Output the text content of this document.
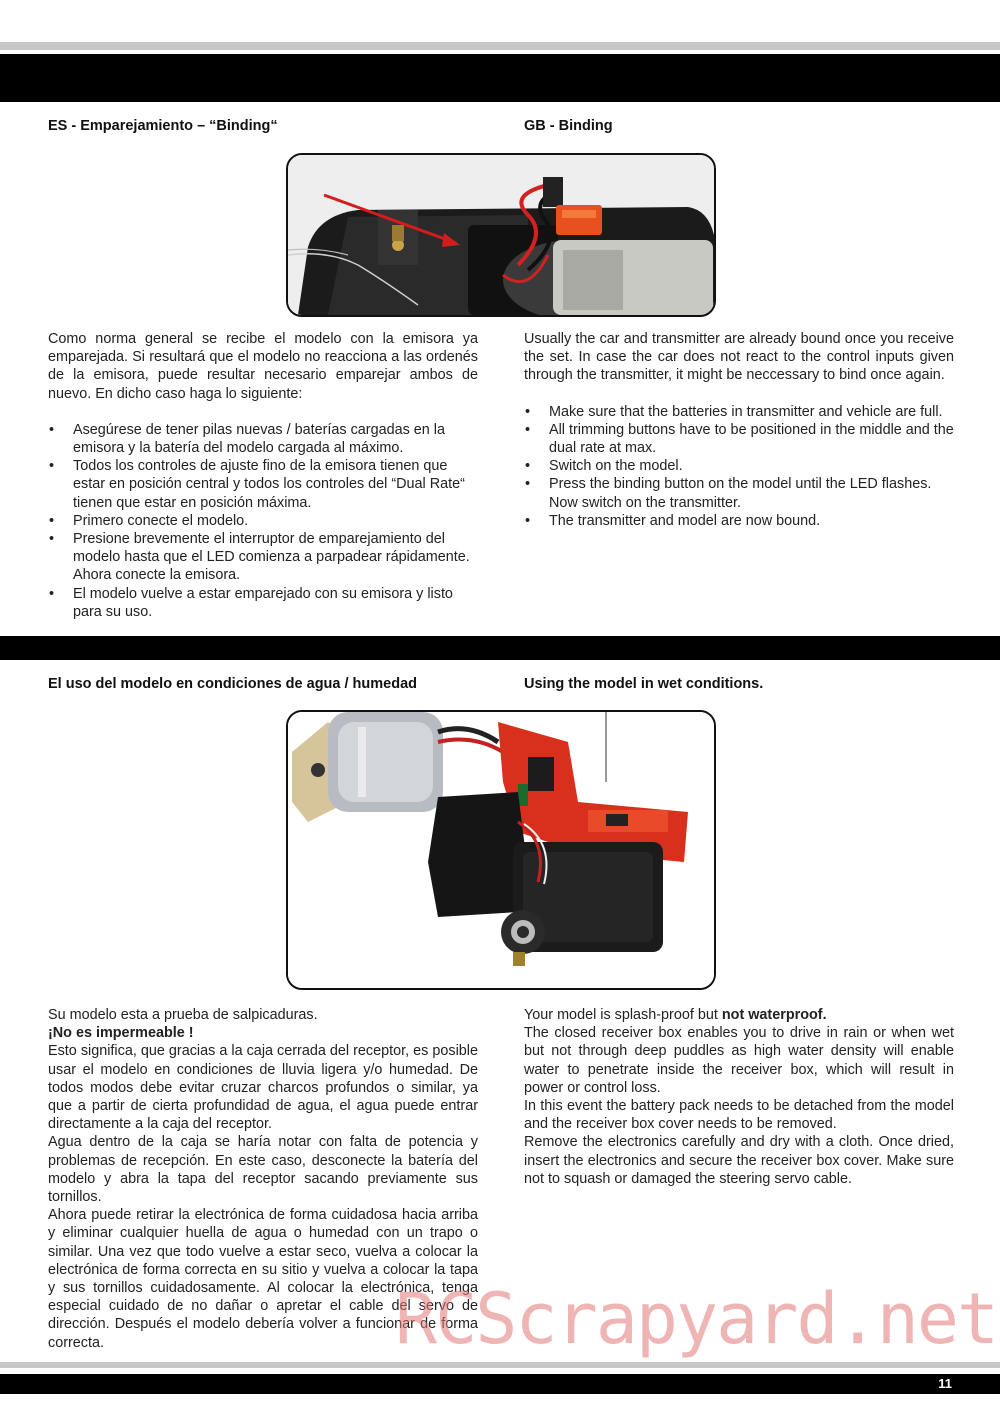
ES - Emparejamiento – “Binding“	GB - Binding

Como norma general se recibe el modelo con la emisora ya emparejada. Si resultará que el modelo no reacciona a las ordenés de la emisora, puede resultar necesario emparejar ambos de nuevo. En dicho caso haga lo siguiente:

• Asegúrese de tener pilas nuevas / baterías cargadas en la emisora y la batería del modelo cargada al máximo.
• Todos los controles de ajuste fino de la emisora tienen que estar en posición central y todos los controles del “Dual Rate“ tienen que estar en posición máxima.
• Primero conecte el modelo.
• Presione brevemente el interruptor de emparejamiento del modelo hasta que el LED comienza a parpadear rápidamente. Ahora conecte la emisora.
• El modelo vuelve a estar emparejado con su emisora y listo para su uso.

Usually the car and transmitter are already bound once you receive the set. In case the car does not react to the control inputs given through the transmitter, it might be neccessary to bind once again.

• Make sure that the batteries in transmitter and vehicle are full.
• All trimming buttons have to be positioned in the middle and the dual rate at max.
• Switch on the model.
• Press the binding button on the model until the LED flashes. Now switch on the transmitter.
• The transmitter and model are now bound.
El uso del modelo en condiciones de agua / humedad	Using the model in wet conditions.

Su modelo esta a prueba de salpicaduras.

¡No es impermeable !

Esto significa, que gracias a la caja cerrada del receptor, es posible usar el modelo en condiciones de lluvia ligera y/o humedad. De todos modos debe evitar cruzar charcos profundos o similar, ya que a partir de cierta profundidad de agua, el agua puede entrar directamente a la caja del receptor.

Agua dentro de la caja se haría notar con falta de potencia y problemas de recepción. En este caso, desconecte la batería del modelo y abra la tapa del receptor sacando previamente sus tornillos.

Ahora puede retirar la electrónica de forma cuidadosa hacia arriba y eliminar cualquier huella de agua o humedad con un trapo o similar. Una vez que todo vuelve a estar seco, vuelva a colocar la electrónica de forma correcta en su sitio y vuelva a colocar la tapa y sus tornillos cuidadosamente. Al colocar la electrónica, tenga especial cuidado de no dañar o apretar el cable del servo de dirección. Después el modelo debería volver a funcionar de forma correcta.

Your model is splash-proof but not waterproof.

The closed receiver box enables you to drive in rain or when wet but not through deep puddles as high water density will enable water to penetrate inside the receiver box, which will result in power or control loss.

In this event the battery pack needs to be detached from the model and the receiver box cover needs to be removed.

Remove the electronics carefully and dry with a cloth. Once dried, insert the electronics and secure the receiver box cover. Make sure not to squash or damaged the steering servo cable.

RCScrapyard.net
11
